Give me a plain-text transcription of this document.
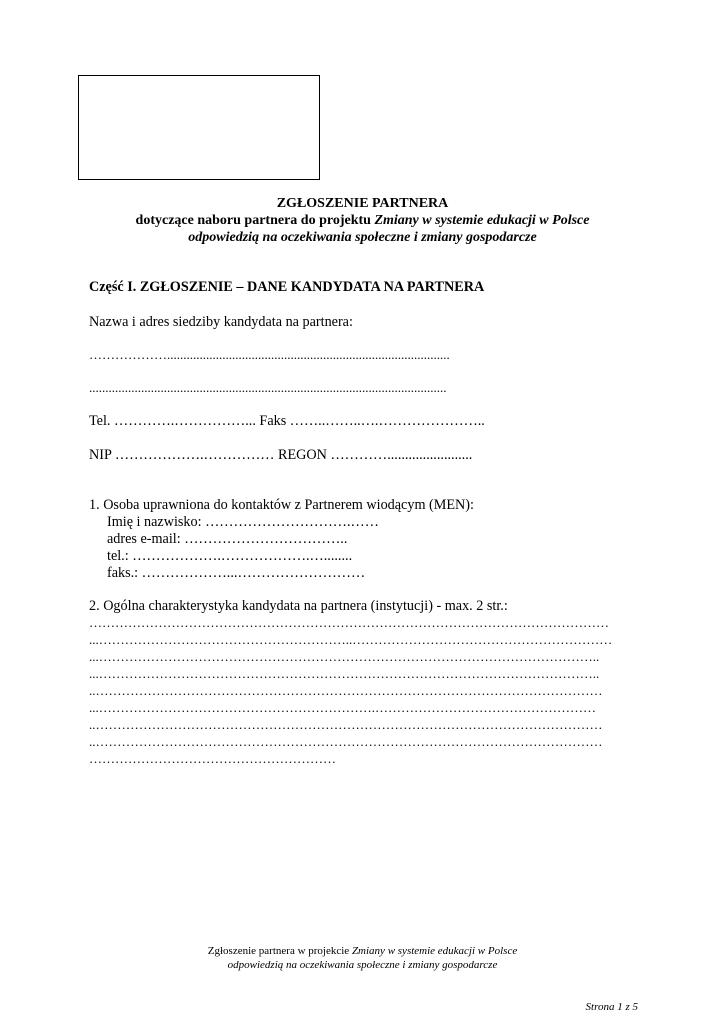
ZGŁOSZENIE PARTNERA
dotyczące naboru partnera do projektu Zmiany w systemie edukacji w Polsce
odpowiedzią na oczekiwania społeczne i zmiany gospodarcze
Część I. ZGŁOSZENIE – DANE KANDYDATA NA PARTNERA
Nazwa i adres siedziby kandydata na partnera:
……………….......................................................................................
..............................................................................................................
Tel. ………….……………... Faks ……..……..….…………………..
NIP ……………….…………… REGON …………........................
1. Osoba uprawniona do kontaktów z Partnerem wiodącym (MEN):
Imię i nazwisko: ………………………….……
adres e-mail: ……………………………..
tel.: ……………….……………….…........
faks.: ………………...………………………
2. Ogólna charakterystyka kandydata na partnera (instytucji) - max. 2 str.:
…………………………………………………………………………………………………………
...…………………………………………………..……………………………………………………
...……………………………………………………………………………………………………..
...……………………………………………………………………………………………………..
..………………………………………………………………………………………………………
...……………………………………………………….……………………………………………
..………………………………………………………………………………………………………
..………………………………………………………………………………………………………
…………………………………………………
Zgłoszenie partnera w projekcie Zmiany w systemie edukacji w Polsce
odpowiedzią na oczekiwania społeczne i zmiany gospodarcze
Strona 1 z 5
